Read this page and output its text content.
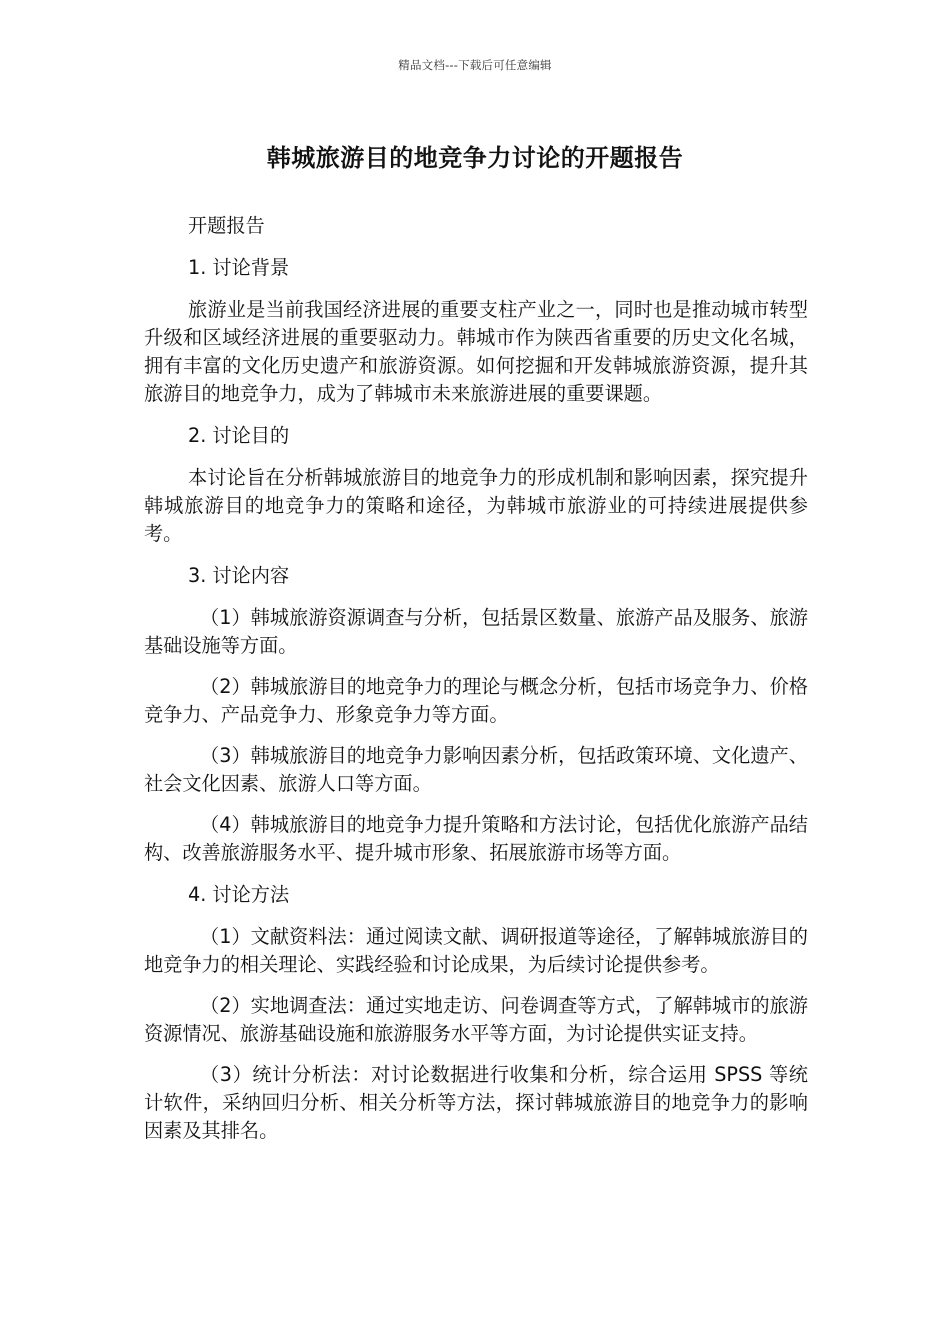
精品文档---下载后可任意编辑
韩城旅游目的地竞争力讨论的开题报告

开题报告

1. 讨论背景

旅游业是当前我国经济进展的重要支柱产业之一，同时也是推动城市转型升级和区域经济进展的重要驱动力。韩城市作为陕西省重要的历史文化名城，拥有丰富的文化历史遗产和旅游资源。如何挖掘和开发韩城旅游资源，提升其旅游目的地竞争力，成为了韩城市未来旅游进展的重要课题。

2. 讨论目的

本讨论旨在分析韩城旅游目的地竞争力的形成机制和影响因素，探究提升韩城旅游目的地竞争力的策略和途径，为韩城市旅游业的可持续进展提供参考。

3. 讨论内容

（1）韩城旅游资源调查与分析，包括景区数量、旅游产品及服务、旅游基础设施等方面。

（2）韩城旅游目的地竞争力的理论与概念分析，包括市场竞争力、价格竞争力、产品竞争力、形象竞争力等方面。

（3）韩城旅游目的地竞争力影响因素分析，包括政策环境、文化遗产、社会文化因素、旅游人口等方面。

（4）韩城旅游目的地竞争力提升策略和方法讨论，包括优化旅游产品结构、改善旅游服务水平、提升城市形象、拓展旅游市场等方面。

4. 讨论方法

（1）文献资料法：通过阅读文献、调研报道等途径，了解韩城旅游目的地竞争力的相关理论、实践经验和讨论成果，为后续讨论提供参考。

（2）实地调查法：通过实地走访、问卷调查等方式，了解韩城市的旅游资源情况、旅游基础设施和旅游服务水平等方面，为讨论提供实证支持。

（3）统计分析法：对讨论数据进行收集和分析，综合运用 SPSS 等统计软件，采纳回归分析、相关分析等方法，探讨韩城旅游目的地竞争力的影响因素及其排名。
